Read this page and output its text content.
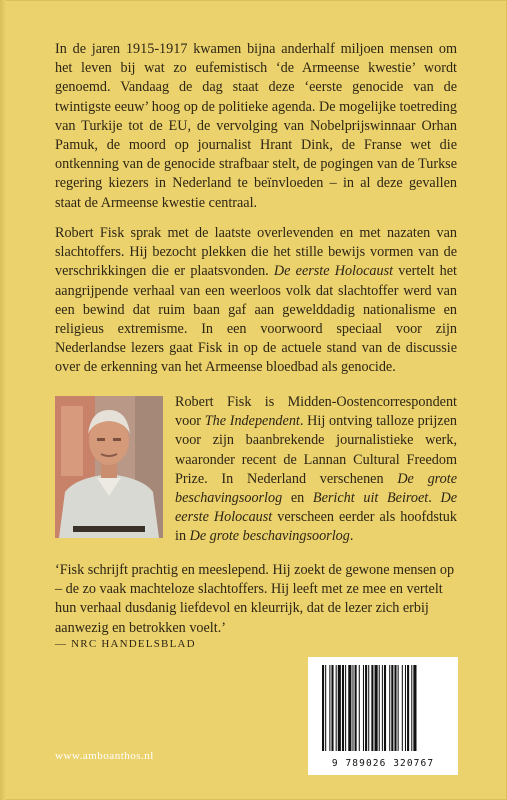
In de jaren 1915-1917 kwamen bijna anderhalf miljoen mensen om het leven bij wat zo eufemistisch ‘de Armeense kwestie’ wordt genoemd. Vandaag de dag staat deze ‘eerste genocide van de twintigste eeuw’ hoog op de politieke agenda. De mogelijke toetreding van Turkije tot de EU, de vervolging van Nobelprijswinnaar Orhan Pamuk, de moord op journalist Hrant Dink, de Franse wet die ontkenning van de genocide strafbaar stelt, de pogingen van de Turkse regering kiezers in Nederland te beïnvloeden – in al deze gevallen staat de Armeense kwestie centraal.

Robert Fisk sprak met de laatste overlevenden en met nazaten van slachtoffers. Hij bezocht plekken die het stille bewijs vormen van de verschrikkingen die er plaatsvonden. De eerste Holocaust vertelt het aangrijpende verhaal van een weerloos volk dat slachtoffer werd van een bewind dat ruim baan gaf aan gewelddadig nationalisme en religieus extremisme. In een voorwoord speciaal voor zijn Nederlandse lezers gaat Fisk in op de actuele stand van de discussie over de erkenning van het Armeense bloedbad als genocide.

Robert Fisk is Midden-Oostencorrespondent voor The Independent. Hij ontving talloze prijzen voor zijn baanbrekende journalistieke werk, waaronder recent de Lannan Cultural Freedom Prize. In Nederland verschenen De grote beschavingsoorlog en Bericht uit Beiroet. De eerste Holocaust verscheen eerder als hoofdstuk in De grote beschavingsoorlog.

‘Fisk schrijft prachtig en meeslepend. Hij zoekt de gewone mensen op – de zo vaak machteloze slachtoffers. Hij leeft met ze mee en vertelt hun verhaal dusdanig liefdevol en kleurrijk, dat de lezer zich erbij aanwezig en betrokken voelt.’

— NRC HANDELSBLAD

9 789026 320767

www.amboanthos.nl
